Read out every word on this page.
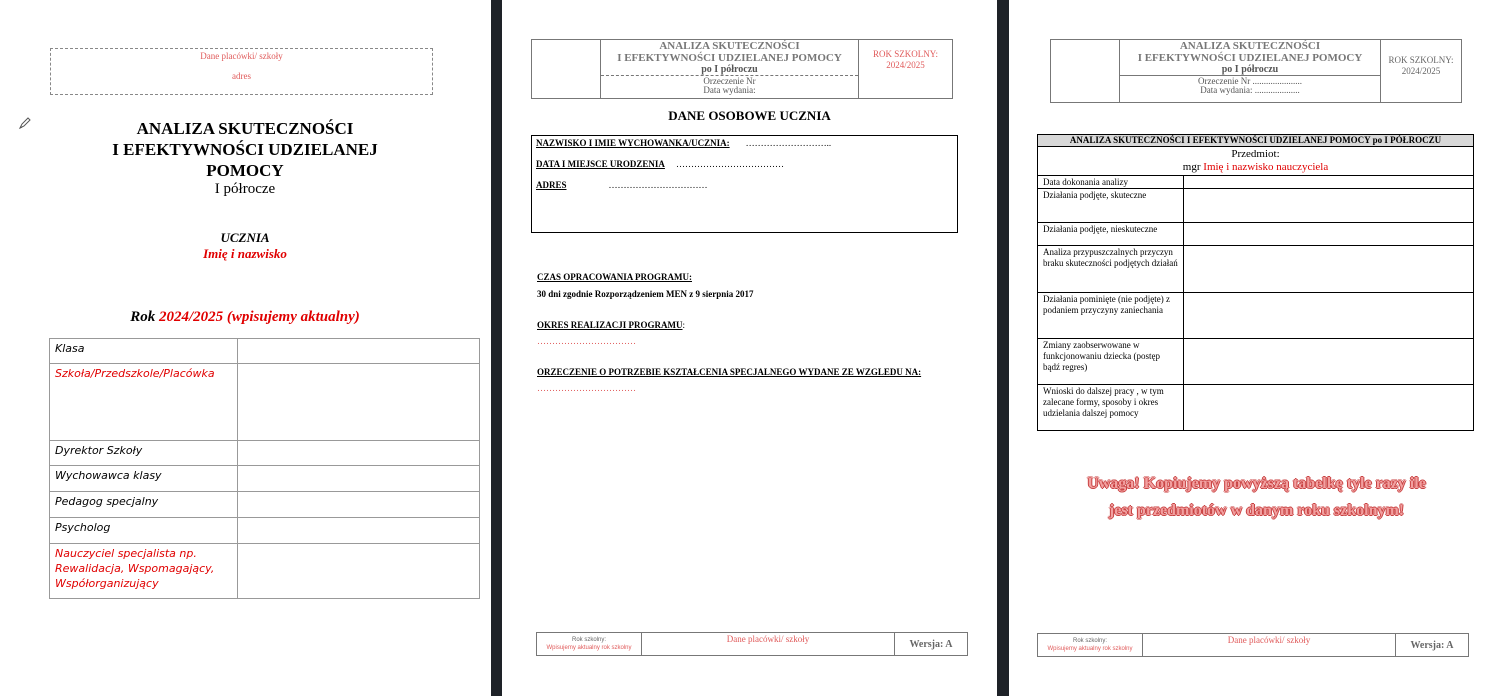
Dane placówki/ szkoły
adres
ANALIZA SKUTECZNOŚCI
I EFEKTYWNOŚCI UDZIELANEJ
POMOCY
I półrocze
UCZNIA
Imię i nazwisko
Rok 2024/2025 (wpisujemy aktualny)
Klasa	
Szkoła/Przedszkole/Placówka	
Dyrektor Szkoły	
Wychowawca klasy	
Pedagog specjalny	
Psycholog	
Nauczyciel specjalista np. Rewalidacja, Wspomagający, Współorganizujący	

ANALIZA SKUTECZNOŚCI
I EFEKTYWNOŚCI UDZIELANEJ POMOCY
po I półroczu
Orzeczenie Nr
Data wydania:

ROK SZKOLNY:
2024/2025
DANE OSOBOWE UCZNIA
NAZWISKO I IMIE WYCHOWANKA/UCZNIA: ………………………..
DATA I MIEJSCE URODZENIA ………………………………
ADRES	……………………………
CZAS OPRACOWANIA PROGRAMU:
30 dni zgodnie Rozporządzeniem MEN z 9 sierpnia 2017
OKRES REALIZACJI PROGRAMU:
……………………………
ORZECZENIE O POTRZEBIE KSZTAŁCENIA SPECJALNEGO WYDANE ZE WZGLEDU NA:
……………………………
Rok szkolny:
Wpisujemy aktualny rok szkolny
	Dane placówki/ szkoły	Wersja: A

ANALIZA SKUTECZNOŚCI
I EFEKTYWNOŚCI UDZIELANEJ POMOCY
po I półroczu
Orzeczenie Nr ......................
Data wydania: ....................

ROK SZKOLNY:
2024/2025
ANALIZA SKUTECZNOŚCI I EFEKTYWNOŚCI UDZIELANEJ POMOCY po I PÓŁROCZU	

Przedmiot:
mgr Imię i nazwisko nauczyciela	

Data dokonania analizy	
Działania podjęte, skuteczne	
Działania podjęte, nieskuteczne	
Analiza przypuszczalnych przyczyn braku skuteczności podjętych działań	
Działania pominięte (nie podjęte) z podaniem przyczyny zaniechania	
Zmiany zaobserwowane w funkcjonowaniu dziecka (postęp bądź regres)	
Wnioski do dalszej pracy , w tym zalecane formy, sposoby i okres udzielania dalszej pomocy	
Uwaga! Kopiujemy powyższą tabelkę tyle razy ile
jest przedmiotów w danym roku szkolnym!
Rok szkolny:
Wpisujemy aktualny rok szkolny
	Dane placówki/ szkoły	Wersja: A
